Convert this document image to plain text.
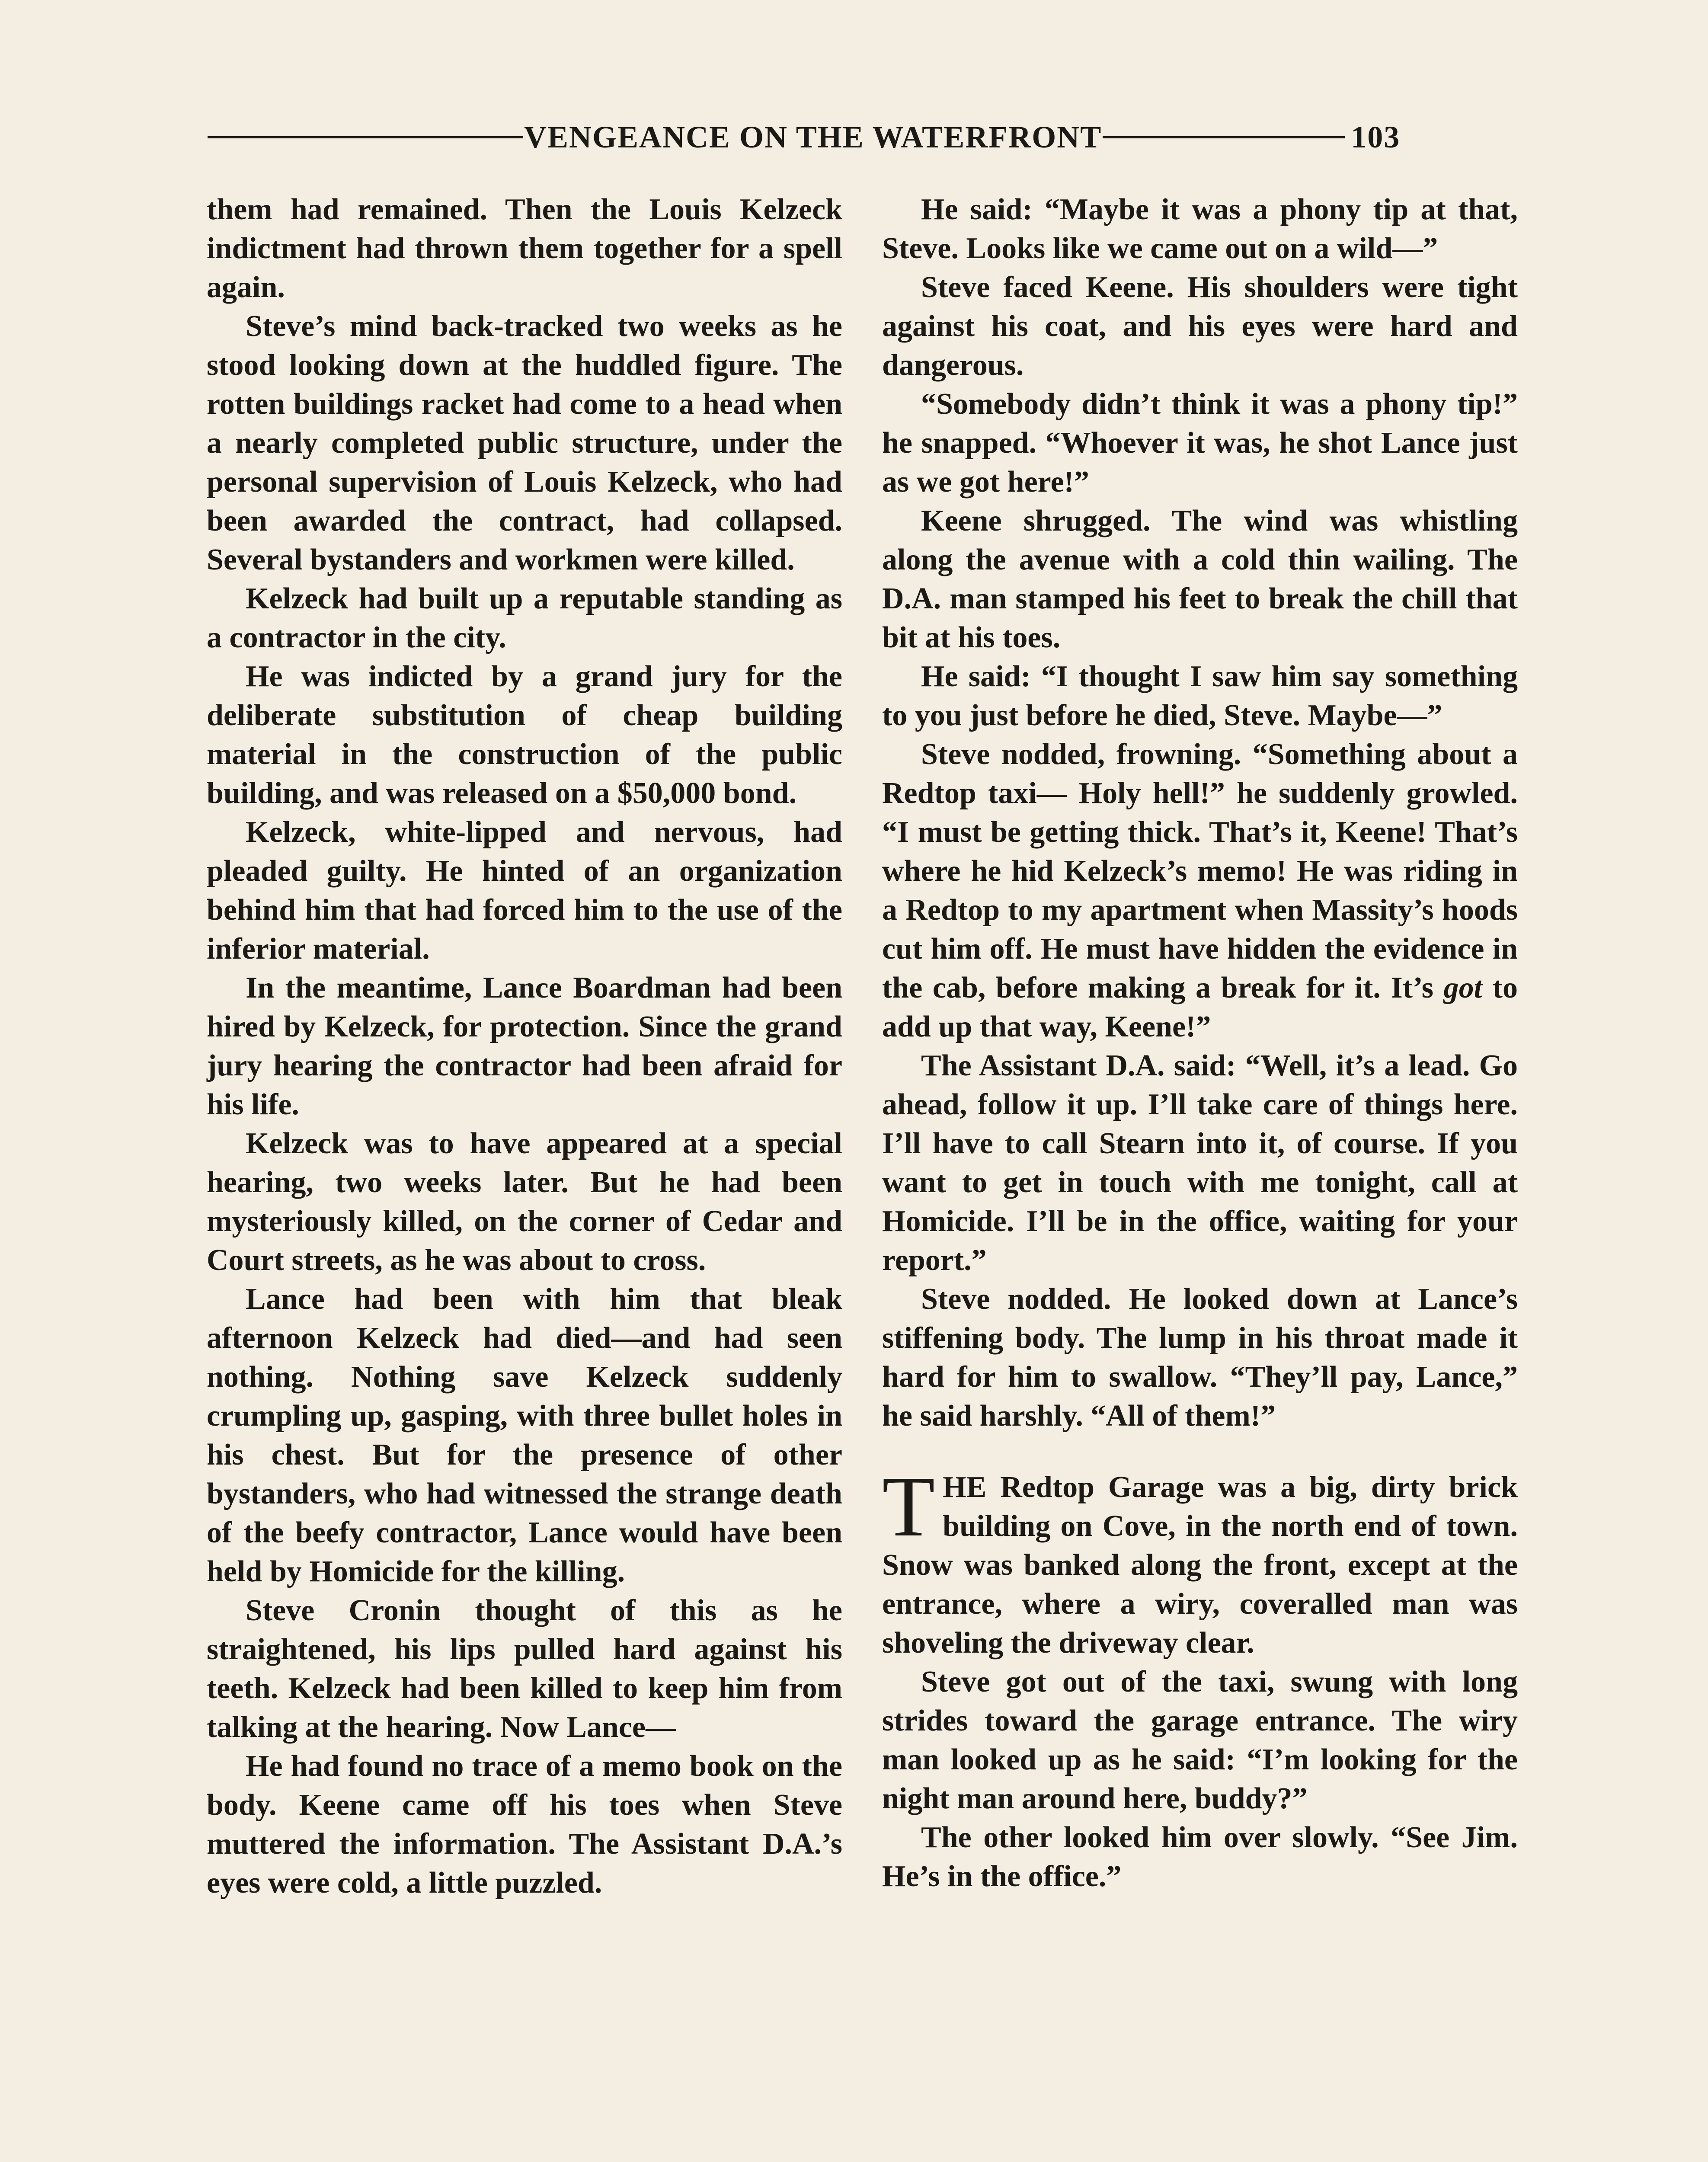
VENGEANCE ON THE WATERFRONT	103

them had remained. Then the Louis Kelzeck indictment had thrown them together for a spell again.

Steve’s mind back-tracked two weeks as he stood looking down at the huddled figure. The rotten buildings racket had come to a head when a nearly completed public structure, under the personal supervision of Louis Kelzeck, who had been awarded the contract, had collapsed. Several bystanders and workmen were killed.

Kelzeck had built up a reputable standing as a contractor in the city.

He was indicted by a grand jury for the deliberate substitution of cheap building material in the construction of the public building, and was released on a $50,000 bond.

Kelzeck, white-lipped and nervous, had pleaded guilty. He hinted of an organization behind him that had forced him to the use of the inferior material.

In the meantime, Lance Boardman had been hired by Kelzeck, for protection. Since the grand jury hearing the contractor had been afraid for his life.

Kelzeck was to have appeared at a special hearing, two weeks later. But he had been mysteriously killed, on the corner of Cedar and Court streets, as he was about to cross.

Lance had been with him that bleak afternoon Kelzeck had died—and had seen nothing. Nothing save Kelzeck suddenly crumpling up, gasping, with three bullet holes in his chest. But for the presence of other bystanders, who had witnessed the strange death of the beefy contractor, Lance would have been held by Homicide for the killing.

Steve Cronin thought of this as he straightened, his lips pulled hard against his teeth. Kelzeck had been killed to keep him from talking at the hearing. Now Lance—

He had found no trace of a memo book on the body. Keene came off his toes when Steve muttered the information. The Assistant D.A.’s eyes were cold, a little puzzled.

He said: “Maybe it was a phony tip at that, Steve. Looks like we came out on a wild—”

Steve faced Keene. His shoulders were tight against his coat, and his eyes were hard and dangerous.

“Somebody didn’t think it was a phony tip!” he snapped. “Whoever it was, he shot Lance just as we got here!”

Keene shrugged. The wind was whistling along the avenue with a cold thin wailing. The D.A. man stamped his feet to break the chill that bit at his toes.

He said: “I thought I saw him say something to you just before he died, Steve. Maybe—”

Steve nodded, frowning. “Something about a Redtop taxi— Holy hell!” he suddenly growled. “I must be getting thick. That’s it, Keene! That’s where he hid Kelzeck’s memo! He was riding in a Redtop to my apartment when Massity’s hoods cut him off. He must have hidden the evidence in the cab, before making a break for it. It’s got to add up that way, Keene!”

The Assistant D.A. said: “Well, it’s a lead. Go ahead, follow it up. I’ll take care of things here. I’ll have to call Stearn into it, of course. If you want to get in touch with me tonight, call at Homicide. I’ll be in the office, waiting for your report.”

Steve nodded. He looked down at Lance’s stiffening body. The lump in his throat made it hard for him to swallow. “They’ll pay, Lance,” he said harshly. “All of them!”

THE Redtop Garage was a big, dirty brick building on Cove, in the north end of town. Snow was banked along the front, except at the entrance, where a wiry, coveralled man was shoveling the driveway clear.

Steve got out of the taxi, swung with long strides toward the garage entrance. The wiry man looked up as he said: “I’m looking for the night man around here, buddy?”

The other looked him over slowly. “See Jim. He’s in the office.”
